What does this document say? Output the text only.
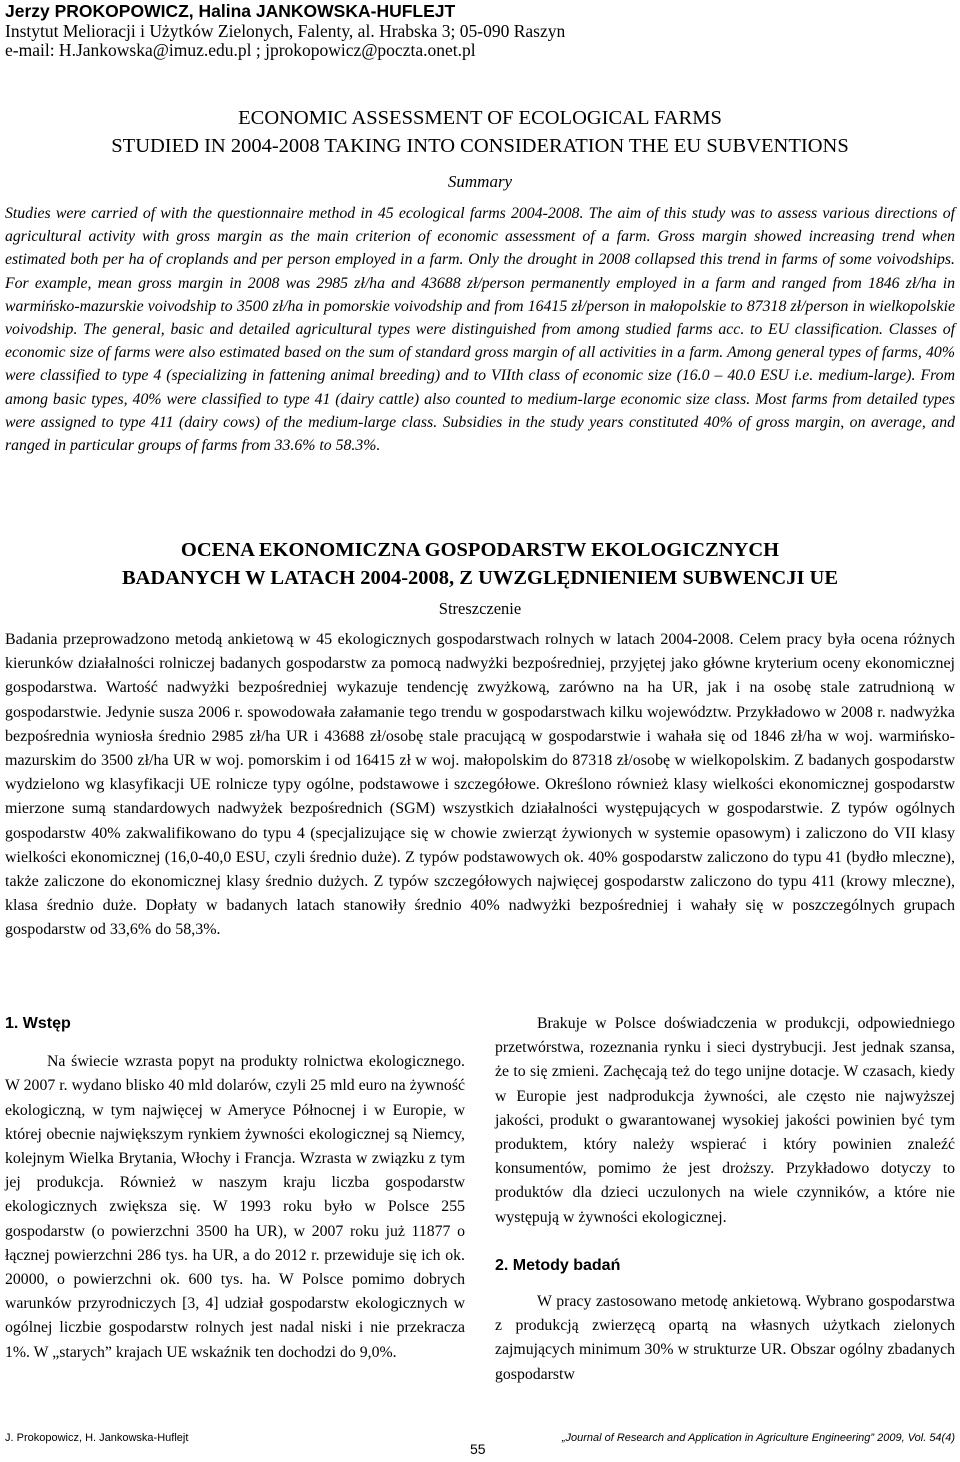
Jerzy PROKOPOWICZ, Halina JANKOWSKA-HUFLEJT
Instytut Melioracji i Użytków Zielonych, Falenty, al. Hrabska 3; 05-090 Raszyn
e-mail: H.Jankowska@imuz.edu.pl ; jprokopowicz@poczta.onet.pl
ECONOMIC ASSESSMENT OF ECOLOGICAL FARMS
STUDIED IN 2004-2008 TAKING INTO CONSIDERATION THE EU SUBVENTIONS
Summary
Studies were carried of with the questionnaire method in 45 ecological farms 2004-2008. The aim of this study was to assess various directions of agricultural activity with gross margin as the main criterion of economic assessment of a farm. Gross margin showed increasing trend when estimated both per ha of croplands and per person employed in a farm. Only the drought in 2008 collapsed this trend in farms of some voivodships. For example, mean gross margin in 2008 was 2985 zł/ha and 43688 zł/person permanently employed in a farm and ranged from 1846 zł/ha in warmińsko-mazurskie voivodship to 3500 zł/ha in pomorskie voivodship and from 16415 zł/person in małopolskie to 87318 zł/person in wielkopolskie voivodship. The general, basic and detailed agricultural types were distinguished from among studied farms acc. to EU classification. Classes of economic size of farms were also estimated based on the sum of standard gross margin of all activities in a farm. Among general types of farms, 40% were classified to type 4 (specializing in fattening animal breeding) and to VIIth class of economic size (16.0 – 40.0 ESU i.e. medium-large). From among basic types, 40% were classified to type 41 (dairy cattle) also counted to medium-large economic size class. Most farms from detailed types were assigned to type 411 (dairy cows) of the medium-large class. Subsidies in the study years constituted 40% of gross margin, on average, and ranged in particular groups of farms from 33.6% to 58.3%.
OCENA EKONOMICZNA GOSPODARSTW EKOLOGICZNYCH
BADANYCH W LATACH 2004-2008, Z UWZGLĘDNIENIEM SUBWENCJI UE
Streszczenie
Badania przeprowadzono metodą ankietową w 45 ekologicznych gospodarstwach rolnych w latach 2004-2008. Celem pracy była ocena różnych kierunków działalności rolniczej badanych gospodarstw za pomocą nadwyżki bezpośredniej, przyjętej jako główne kryterium oceny ekonomicznej gospodarstwa. Wartość nadwyżki bezpośredniej wykazuje tendencję zwyżkową, zarówno na ha UR, jak i na osobę stale zatrudnioną w gospodarstwie. Jedynie susza 2006 r. spowodowała załamanie tego trendu w gospodarstwach kilku województw. Przykładowo w 2008 r. nadwyżka bezpośrednia wyniosła średnio 2985 zł/ha UR i 43688 zł/osobę stale pracującą w gospodarstwie i wahała się od 1846 zł/ha w woj. warmińsko-mazurskim do 3500 zł/ha UR w woj. pomorskim i od 16415 zł w woj. małopolskim do 87318 zł/osobę w wielkopolskim. Z badanych gospodarstw wydzielono wg klasyfikacji UE rolnicze typy ogólne, podstawowe i szczegółowe. Określono również klasy wielkości ekonomicznej gospodarstw mierzone sumą standardowych nadwyżek bezpośrednich (SGM) wszystkich działalności występujących w gospodarstwie. Z typów ogólnych gospodarstw 40% zakwalifikowano do typu 4 (specjalizujące się w chowie zwierząt żywionych w systemie opasowym) i zaliczono do VII klasy wielkości ekonomicznej (16,0-40,0 ESU, czyli średnio duże). Z typów podstawowych ok. 40% gospodarstw zaliczono do typu 41 (bydło mleczne), także zaliczone do ekonomicznej klasy średnio dużych. Z typów szczegółowych najwięcej gospodarstw zaliczono do typu 411 (krowy mleczne), klasa średnio duże. Dopłaty w badanych latach stanowiły średnio 40% nadwyżki bezpośredniej i wahały się w poszczególnych grupach gospodarstw od 33,6% do 58,3%.
1. Wstęp

Na świecie wzrasta popyt na produkty rolnictwa ekologicznego. W 2007 r. wydano blisko 40 mld dolarów, czyli 25 mld euro na żywność ekologiczną, w tym najwięcej w Ameryce Północnej i w Europie, w której obecnie największym rynkiem żywności ekologicznej są Niemcy, kolejnym Wielka Brytania, Włochy i Francja. Wzrasta w związku z tym jej produkcja. Również w naszym kraju liczba gospodarstw ekologicznych zwiększa się. W 1993 roku było w Polsce 255 gospodarstw (o powierzchni 3500 ha UR), w 2007 roku już 11877 o łącznej powierzchni 286 tys. ha UR, a do 2012 r. przewiduje się ich ok. 20000, o powierzchni ok. 600 tys. ha. W Polsce pomimo dobrych warunków przyrodniczych [3, 4] udział gospodarstw ekologicznych w ogólnej liczbie gospodarstw rolnych jest nadal niski i nie przekracza 1%. W „starych” krajach UE wskaźnik ten dochodzi do 9,0%.

Brakuje w Polsce doświadczenia w produkcji, odpowiedniego przetwórstwa, rozeznania rynku i sieci dystrybucji. Jest jednak szansa, że to się zmieni. Zachęcają też do tego unijne dotacje. W czasach, kiedy w Europie jest nadprodukcja żywności, ale często nie najwyższej jakości, produkt o gwarantowanej wysokiej jakości powinien być tym produktem, który należy wspierać i który powinien znaleźć konsumentów, pomimo że jest droższy. Przykładowo dotyczy to produktów dla dzieci uczulonych na wiele czynników, a które nie występują w żywności ekologicznej.

2. Metody badań

W pracy zastosowano metodę ankietową. Wybrano gospodarstwa z produkcją zwierzęcą opartą na własnych użytkach zielonych zajmujących minimum 30% w strukturze UR. Obszar ogólny zbadanych gospodarstw

J. Prokopowicz, H. Jankowska-Huflejt
55
„Journal of Research and Application in Agriculture Engineering” 2009, Vol. 54(4)
